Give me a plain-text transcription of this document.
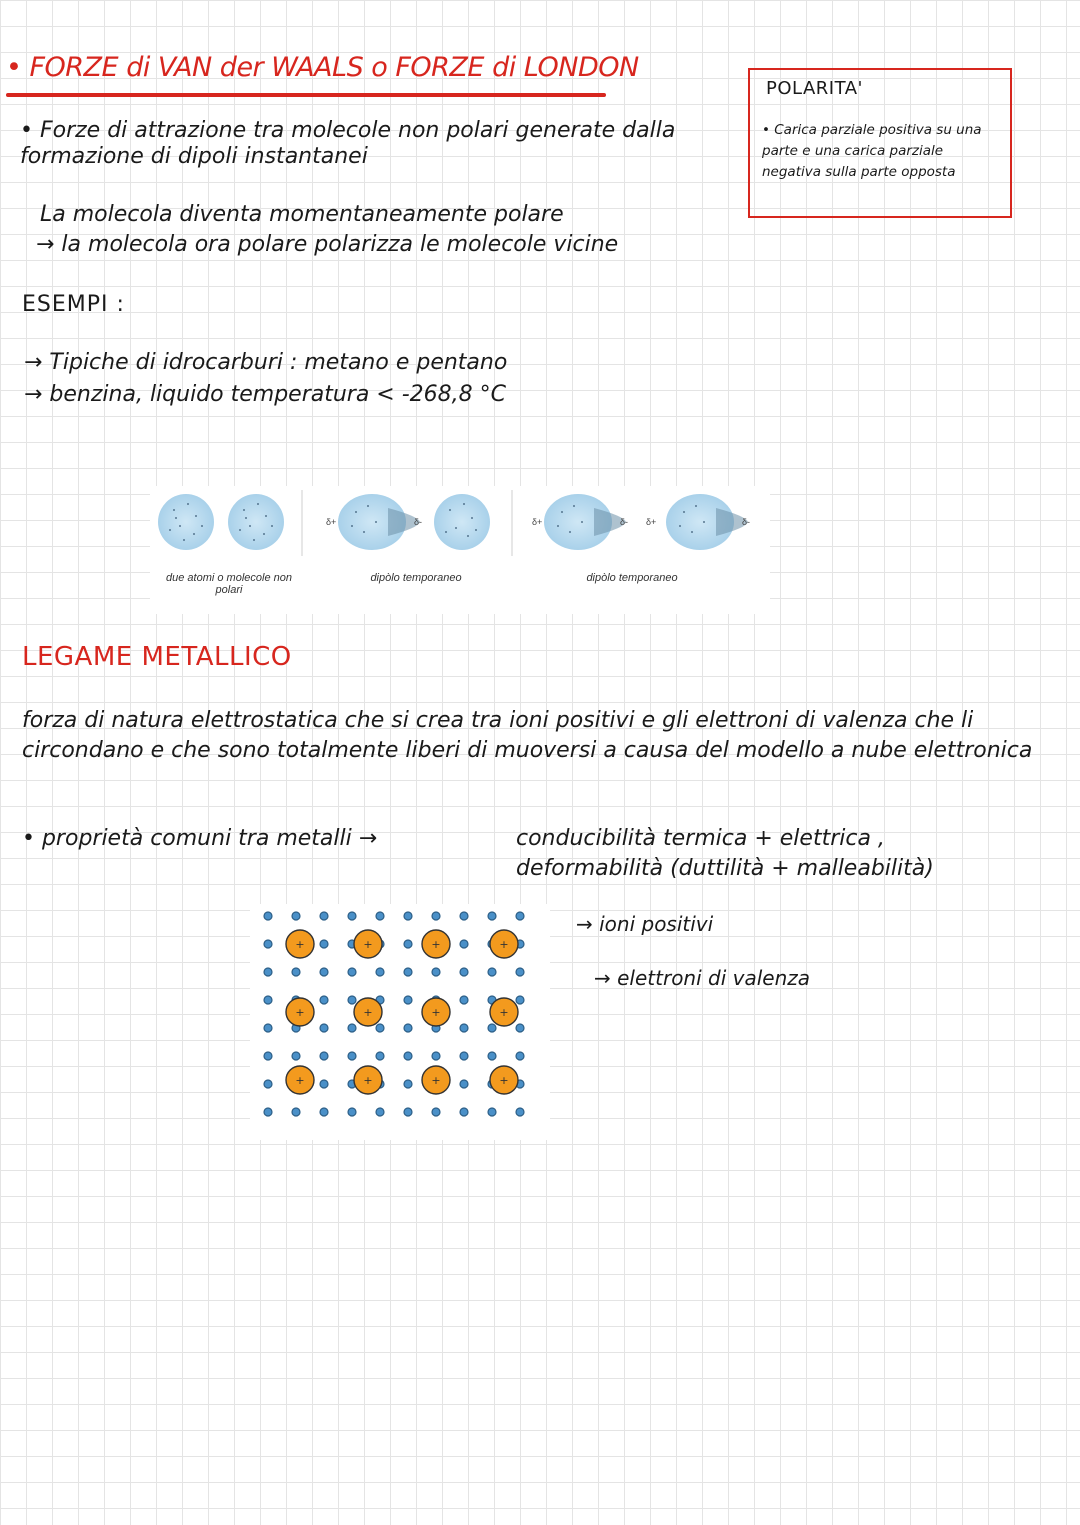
• FORZE di VAN der WAALS o FORZE di LONDON
POLARITA'
• Carica parziale positiva su una parte e una carica parziale negativa sulla parte opposta
• Forze di attrazione tra molecole non polari generate dalla formazione di dipoli instantanei
La molecola diventa momentaneamente polare
→ la molecola ora polare polarizza le molecole vicine
ESEMPI :
→ Tipiche di idrocarburi : metano e pentano
→ benzina, liquido temperatura < -268,8 °C
δ+	δ-	δ+	δ- δ+	δ-
due atomi o molecole non polari
dipòlo temporaneo	dipòlo temporaneo
LEGAME METALLICO
forza di natura elettrostatica che si crea tra ioni positivi e gli elettroni di valenza che li circondano e che sono totalmente liberi di muoversi a causa del modello a nube elettronica
• proprietà comuni tra metalli →	conducibilità termica + elettrica ,
deformabilità (duttilità + malleabilità)
+	+	+	+
+	+	+	+
+	+	+	+
→ ioni positivi
→ elettroni di valenza
